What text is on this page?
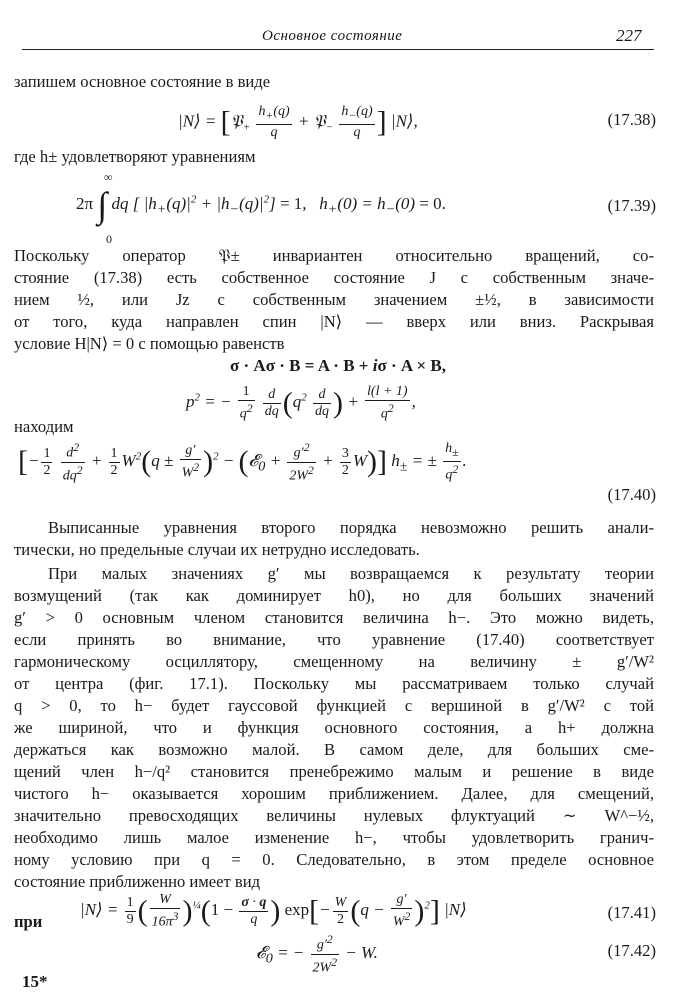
Основное состояние	227
запишем основное состояние в виде
|N⟩ = [𝔓$_+$ $\frac{h_+(q)}{q}$ + 𝔓$_-$ $\frac{h_-(q)}{q}$ ] |N⟩,	(17.38)
где h± удовлетворяют уравнениям
2π ∫ dq [ $|h_+(q)|^2 + |h_-(q)|^2] = 1$, $h_+(0) = h_-(0) = 0$.
∞
0
(17.39)
Поскольку оператор 𝔓± инвариантен относительно вращений, со-
стояние (17.38) есть собственное состояние J с собственным значе-
нием ½, или Jz с собственным значением ±½, в зависимости
от того, куда направлен спин |N⟩ — вверх или вниз. Раскрывая
условие H|N⟩ = 0 с помощью равенств
σ · Aσ · B = A · B + iσ · A × B,
$p^2$ = − $\frac{1}{q^2}$
$\frac{d}{dq} (q^2 \frac{d}{dq}$ ) + $\frac{l(l + 1)}{q^2}$ ,
находим
[− $\frac{1}{2}$
$\frac{d^2}{dq^2} + \frac{1}{2} W^2(q \pm \frac{g'}{W^2} )^2$ − (𝓔$_0$ + $\frac{g'^2}{2W^2} + \frac{3}{2} W$)] $h_\pm$ = ± $\frac{h_\pm}{q^2}$ .
(17.40)
Выписанные уравнения второго порядка невозможно решить анали-
тически, но предельные случаи их нетрудно исследовать.
При малых значениях g′ мы возвращаемся к результату теории
возмущений (так как доминирует h0), но для больших значений
g′ > 0 основным членом становится величина h−. Это можно видеть,
если принять во внимание, что уравнение (17.40) соответствует
гармоническому осциллятору, смещенному на величину ± g′/W²
от центра (фиг. 17.1). Поскольку мы рассматриваем только случай
q > 0, то h− будет гауссовой функцией с вершиной в g′/W² с той
же шириной, что и функция основного состояния, а h+ должна
держаться как возможно малой. В самом деле, для больших сме-
щений член h−/q² становится пренебрежимо малым и решение в виде
чистого h− оказывается хорошим приближением. Далее, для смещений,
значительно превосходящих величины нулевых флуктуаций ∼ W^−½,
необходимо лишь малое изменение h−, чтобы удовлетворить гранич-
ному условию при q = 0. Следовательно, в этом пределе основное
состояние приближенно имеет вид
|N⟩ = $\frac{1}{9}$ ( $\frac{W}{16\pi^3} )^{\frac{1}{4}}(1 - \frac{\sigma \cdot q}{q}$ ) $\exp[- \frac{W}{2} (q - \frac{g'}{W^2} )^2]$ |N⟩	(17.41)
при
𝓔$_0$ = − $\frac{g'^2}{2W^2} - W$.	(17.42)
15*
